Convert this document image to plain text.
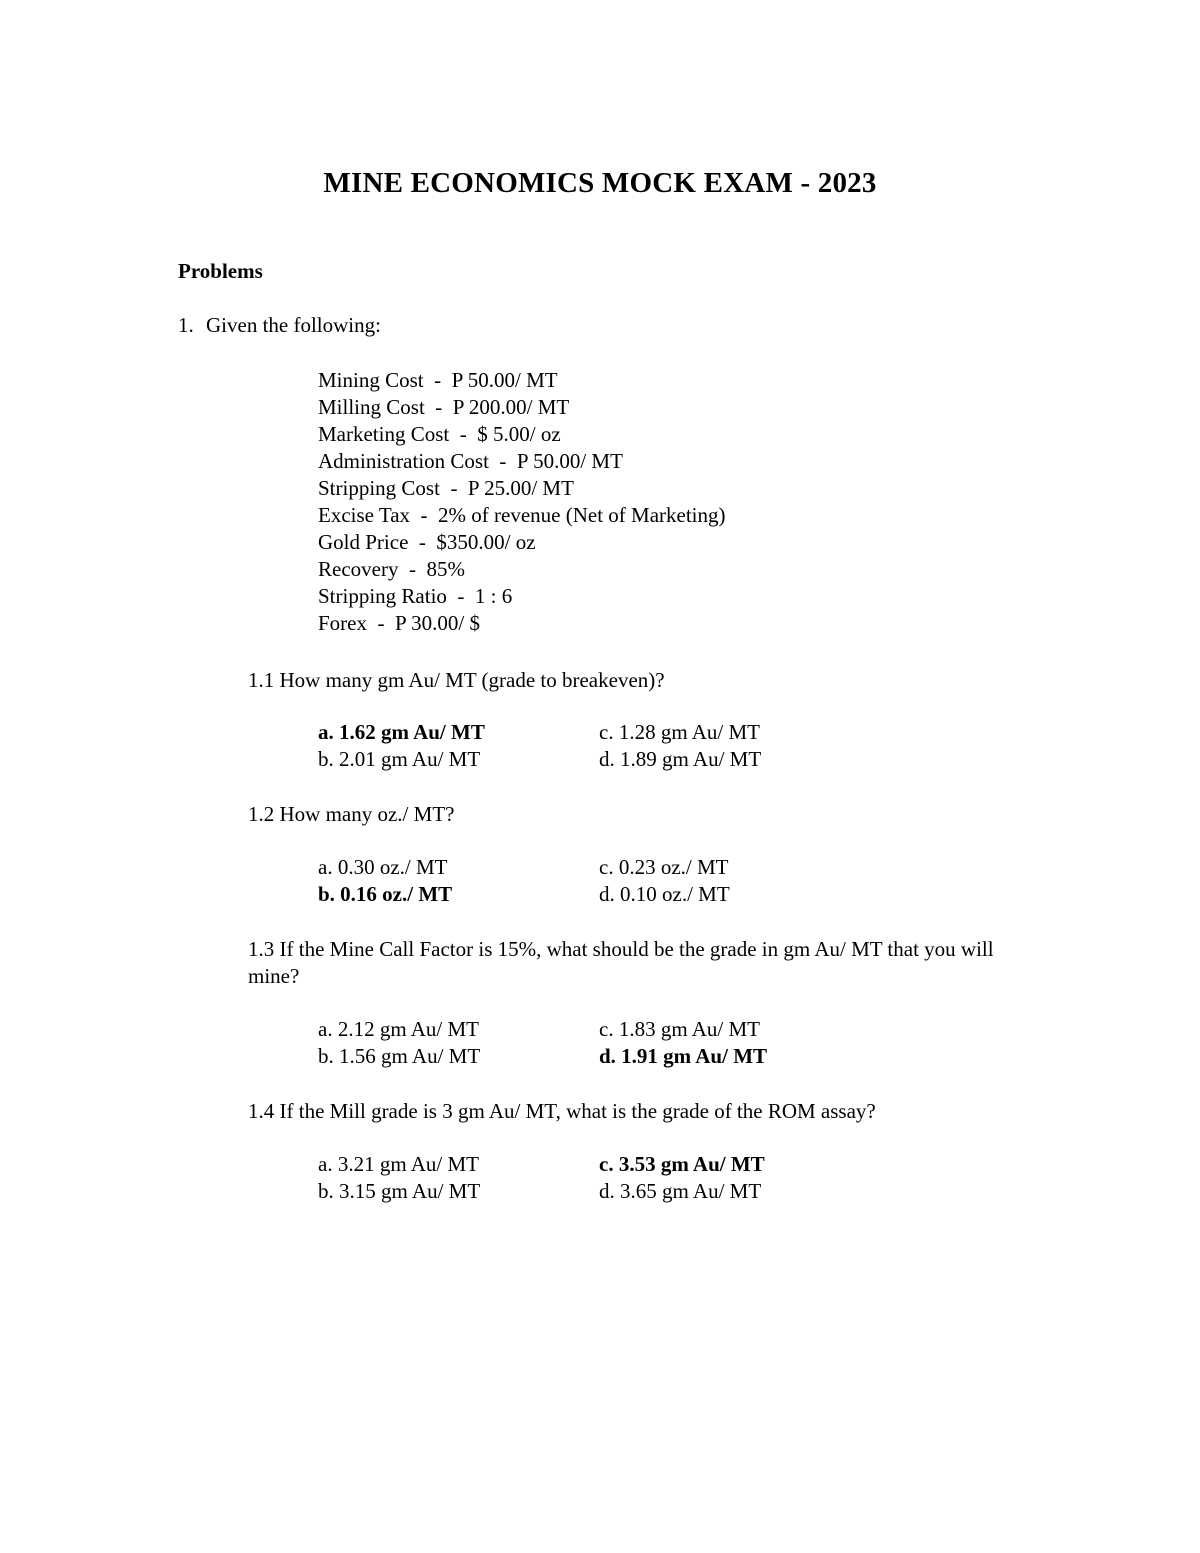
MINE ECONOMICS MOCK EXAM - 2023
Problems
1. Given the following:
Mining Cost  -  P 50.00/ MT
Milling Cost  -  P 200.00/ MT
Marketing Cost  -  $ 5.00/ oz
Administration Cost  -  P 50.00/ MT
Stripping Cost  -  P 25.00/ MT
Excise Tax  -  2% of revenue (Net of Marketing)
Gold Price  -  $350.00/ oz
Recovery  -  85%
Stripping Ratio  -  1 : 6
Forex  -  P 30.00/ $
1.1 How many gm Au/ MT (grade to breakeven)?
a. 1.62 gm Au/ MT	c. 1.28 gm Au/ MT
b. 2.01 gm Au/ MT	d. 1.89 gm Au/ MT
1.2 How many oz./ MT?
a. 0.30 oz./ MT	c. 0.23 oz./ MT
b. 0.16 oz./ MT	d. 0.10 oz./ MT
1.3 If the Mine Call Factor is 15%, what should be the grade in gm Au/ MT that you will mine?
a. 2.12 gm Au/ MT	c. 1.83 gm Au/ MT
b. 1.56 gm Au/ MT	d. 1.91 gm Au/ MT
1.4 If the Mill grade is 3 gm Au/ MT, what is the grade of the ROM assay?
a. 3.21 gm Au/ MT	c. 3.53 gm Au/ MT
b. 3.15 gm Au/ MT	d. 3.65 gm Au/ MT
